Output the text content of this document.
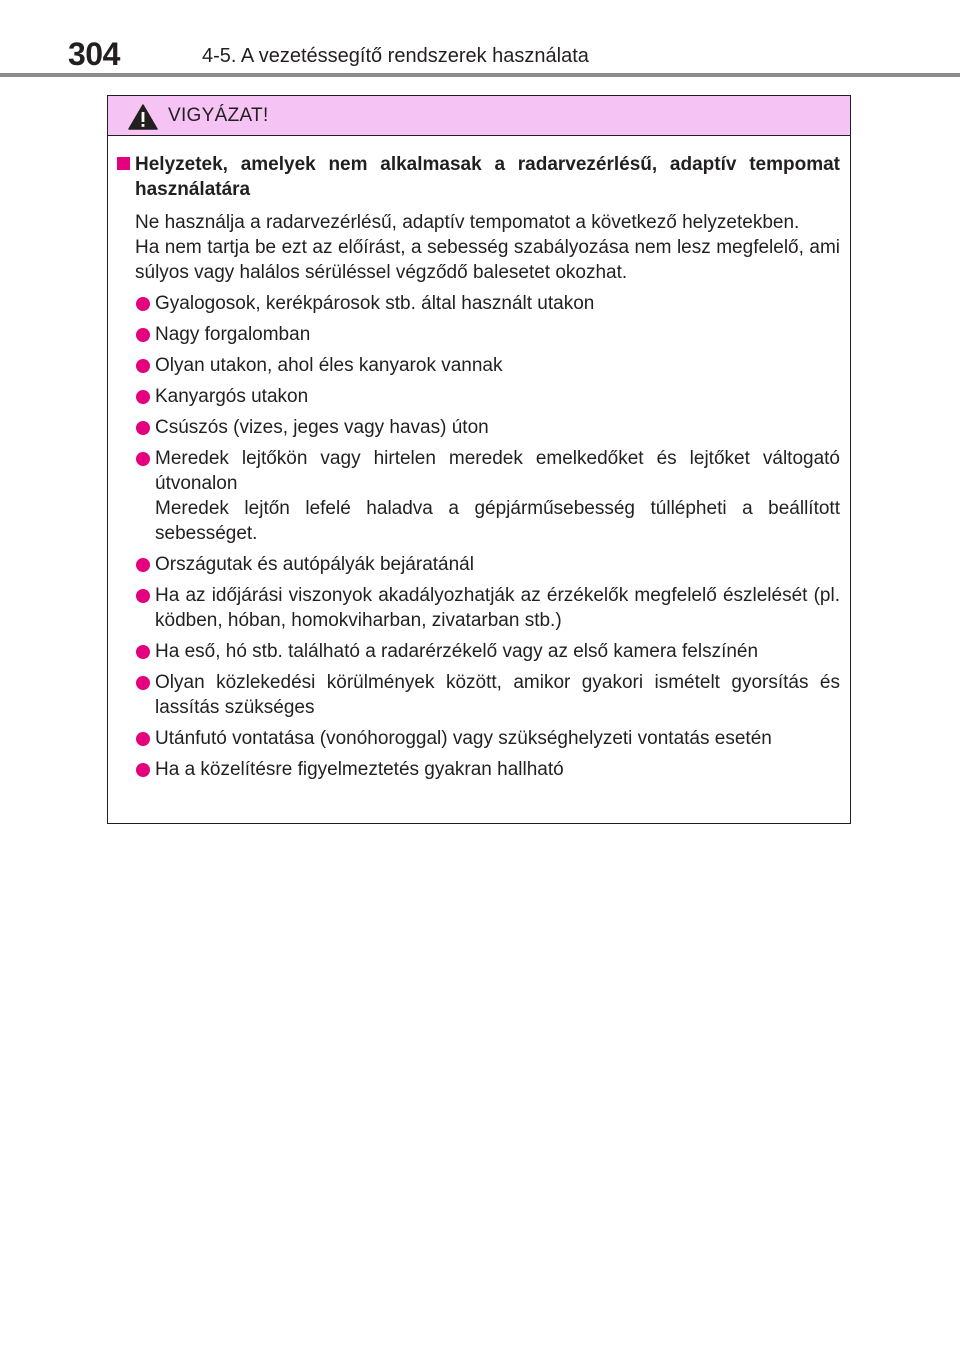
304	4-5. A vezetéssegítő rendszerek használata
VIGYÁZAT!
Helyzetek, amelyek nem alkalmasak a radarvezérlésű, adaptív tempomat használatára

Ne használja a radarvezérlésű, adaptív tempomatot a következő helyzetekben.

Ha nem tartja be ezt az előírást, a sebesség szabályozása nem lesz megfelelő, ami súlyos vagy halálos sérüléssel végződő balesetet okozhat.

Gyalogosok, kerékpárosok stb. által használt utakon
Nagy forgalomban
Olyan utakon, ahol éles kanyarok vannak
Kanyargós utakon
Csúszós (vizes, jeges vagy havas) úton
Meredek lejtőkön vagy hirtelen meredek emelkedőket és lejtőket váltogató útvonalon
Meredek lejtőn lefelé haladva a gépjárműsebesség túllépheti a beállított sebességet.
Országutak és autópályák bejáratánál
Ha az időjárási viszonyok akadályozhatják az érzékelők megfelelő észlelését (pl. ködben, hóban, homokviharban, zivatarban stb.)
Ha eső, hó stb. található a radarérzékelő vagy az első kamera felszínén
Olyan közlekedési körülmények között, amikor gyakori ismételt gyorsítás és lassítás szükséges
Utánfutó vontatása (vonóhoroggal) vagy szükséghelyzeti vontatás esetén
Ha a közelítésre figyelmeztetés gyakran hallható
